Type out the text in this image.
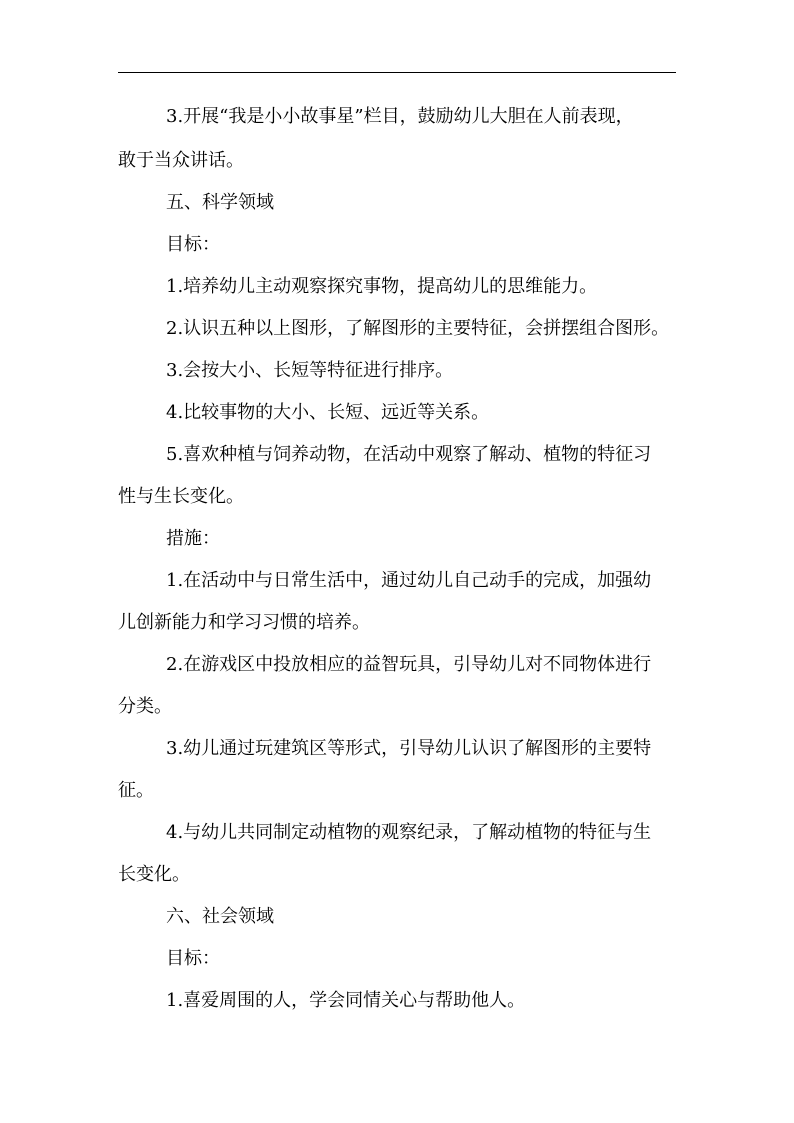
3.开展“我是小小故事星”栏目，鼓励幼儿大胆在人前表现，
敢于当众讲话。
五、科学领域
目标：
1.培养幼儿主动观察探究事物，提高幼儿的思维能力。
2.认识五种以上图形，了解图形的主要特征，会拼摆组合图形。
3.会按大小、长短等特征进行排序。
4.比较事物的大小、长短、远近等关系。
5.喜欢种植与饲养动物，在活动中观察了解动、植物的特征习
性与生长变化。
措施：
1.在活动中与日常生活中，通过幼儿自己动手的完成，加强幼
儿创新能力和学习习惯的培养。
2.在游戏区中投放相应的益智玩具，引导幼儿对不同物体进行
分类。
3.幼儿通过玩建筑区等形式，引导幼儿认识了解图形的主要特
征。
4.与幼儿共同制定动植物的观察纪录，了解动植物的特征与生
长变化。
六、社会领域
目标：
1.喜爱周围的人，学会同情关心与帮助他人。
